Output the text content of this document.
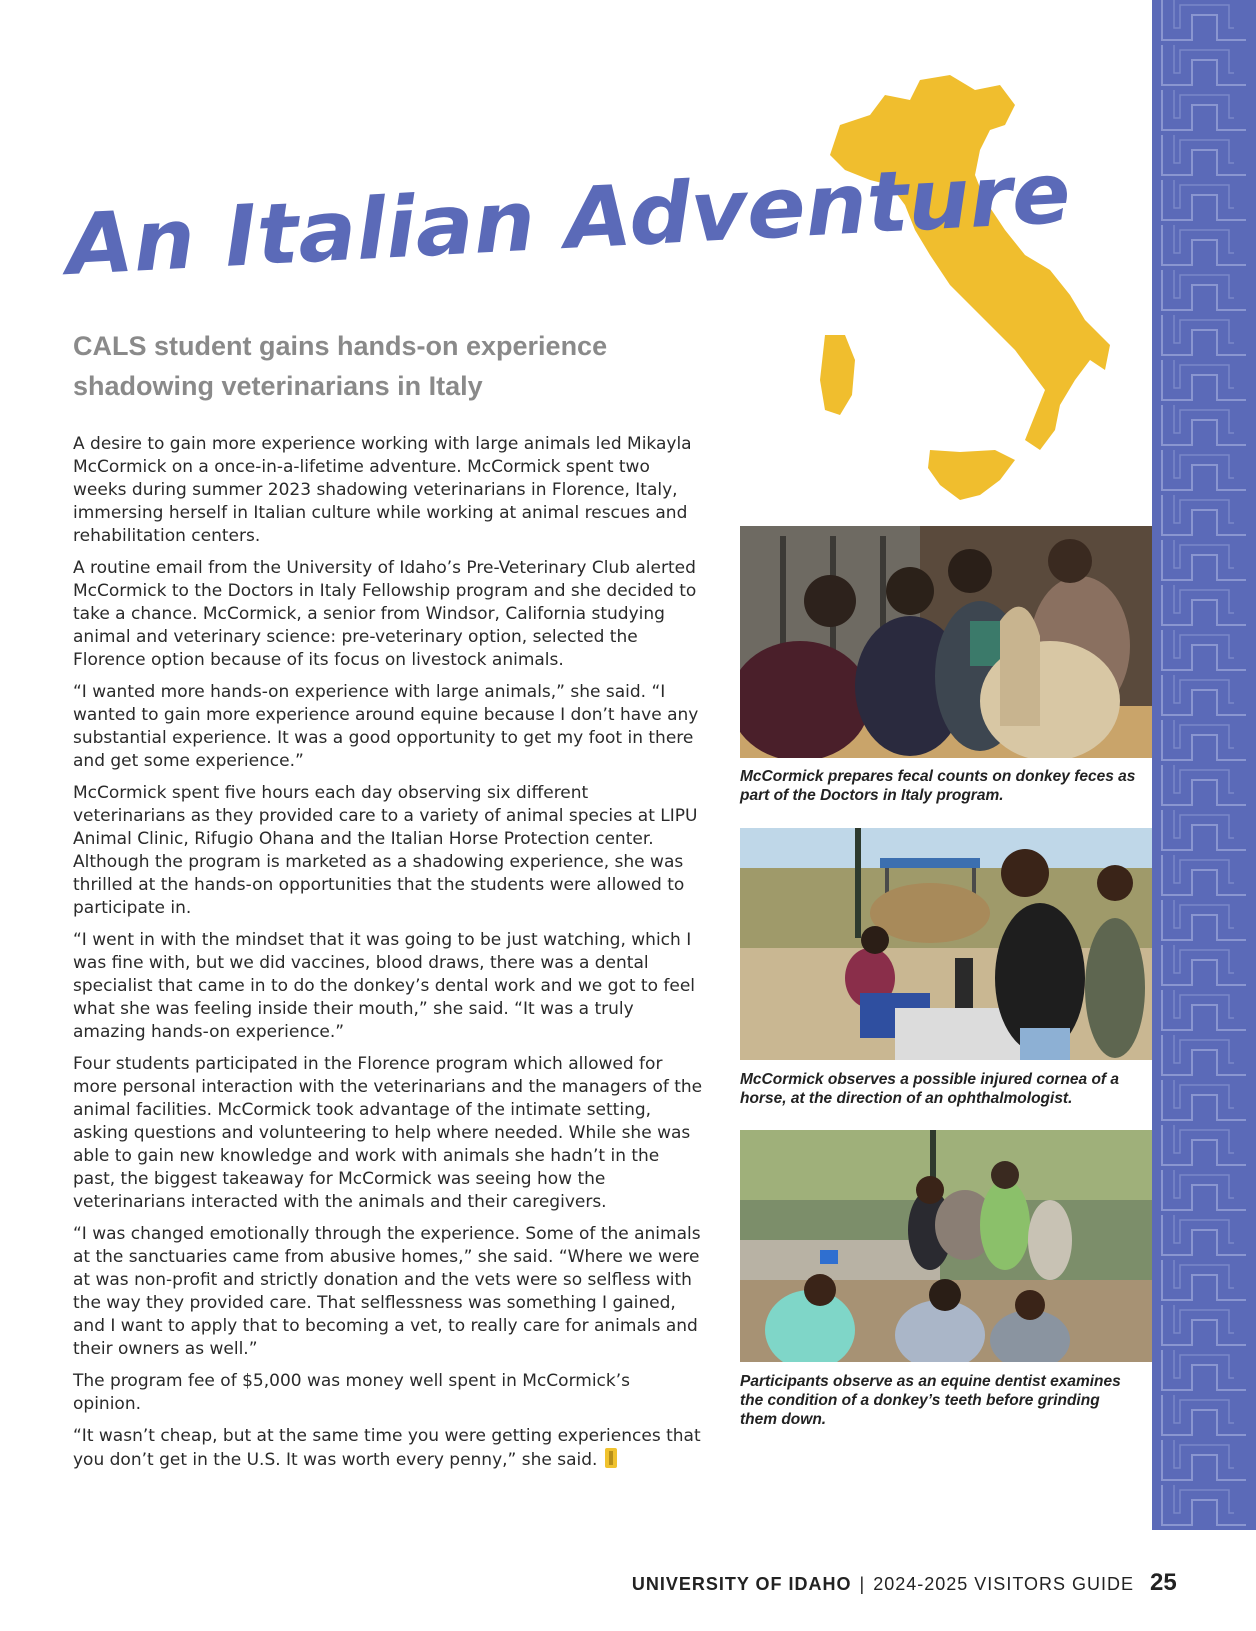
An Italian Adventure
CALS student gains hands-on experience shadowing veterinarians in Italy

A desire to gain more experience working with large animals led Mikayla McCormick on a once-in-a-lifetime adventure. McCormick spent two weeks during summer 2023 shadowing veterinarians in Florence, Italy, immersing herself in Italian culture while working at animal rescues and rehabilitation centers.

A routine email from the University of Idaho’s Pre-Veterinary Club alerted McCormick to the Doctors in Italy Fellowship program and she decided to take a chance. McCormick, a senior from Windsor, California studying animal and veterinary science: pre-veterinary option, selected the Florence option because of its focus on livestock animals.

“I wanted more hands-on experience with large animals,” she said. “I wanted to gain more experience around equine because I don’t have any substantial experience. It was a good opportunity to get my foot in there and get some experience.”

McCormick spent five hours each day observing six different veterinarians as they provided care to a variety of animal species at LIPU Animal Clinic, Rifugio Ohana and the Italian Horse Protection center. Although the program is marketed as a shadowing experience, she was thrilled at the hands-on opportunities that the students were allowed to participate in.

“I went in with the mindset that it was going to be just watching, which I was fine with, but we did vaccines, blood draws, there was a dental specialist that came in to do the donkey’s dental work and we got to feel what she was feeling inside their mouth,” she said. “It was a truly amazing hands-on experience.”

Four students participated in the Florence program which allowed for more personal interaction with the veterinarians and the managers of the animal facilities. McCormick took advantage of the intimate setting, asking questions and volunteering to help where needed. While she was able to gain new knowledge and work with animals she hadn’t in the past, the biggest takeaway for McCormick was seeing how the veterinarians interacted with the animals and their caregivers.

“I was changed emotionally through the experience. Some of the animals at the sanctuaries came from abusive homes,” she said. “Where we were at was non-profit and strictly donation and the vets were so selfless with the way they provided care. That selflessness was something I gained, and I want to apply that to becoming a vet, to really care for animals and their owners as well.”

The program fee of $5,000 was money well spent in McCormick’s opinion.

“It wasn’t cheap, but at the same time you were getting experiences that you don’t get in the U.S. It was worth every penny,” she said.

McCormick prepares fecal counts on donkey feces as part of the Doctors in Italy program.
McCormick observes a possible injured cornea of a horse, at the direction of an ophthalmologist.
Participants observe as an equine dentist examines the condition of a donkey’s teeth before grinding them down.
UNIVERSITY OF IDAHO | 2024-2025 VISITORS GUIDE 25
